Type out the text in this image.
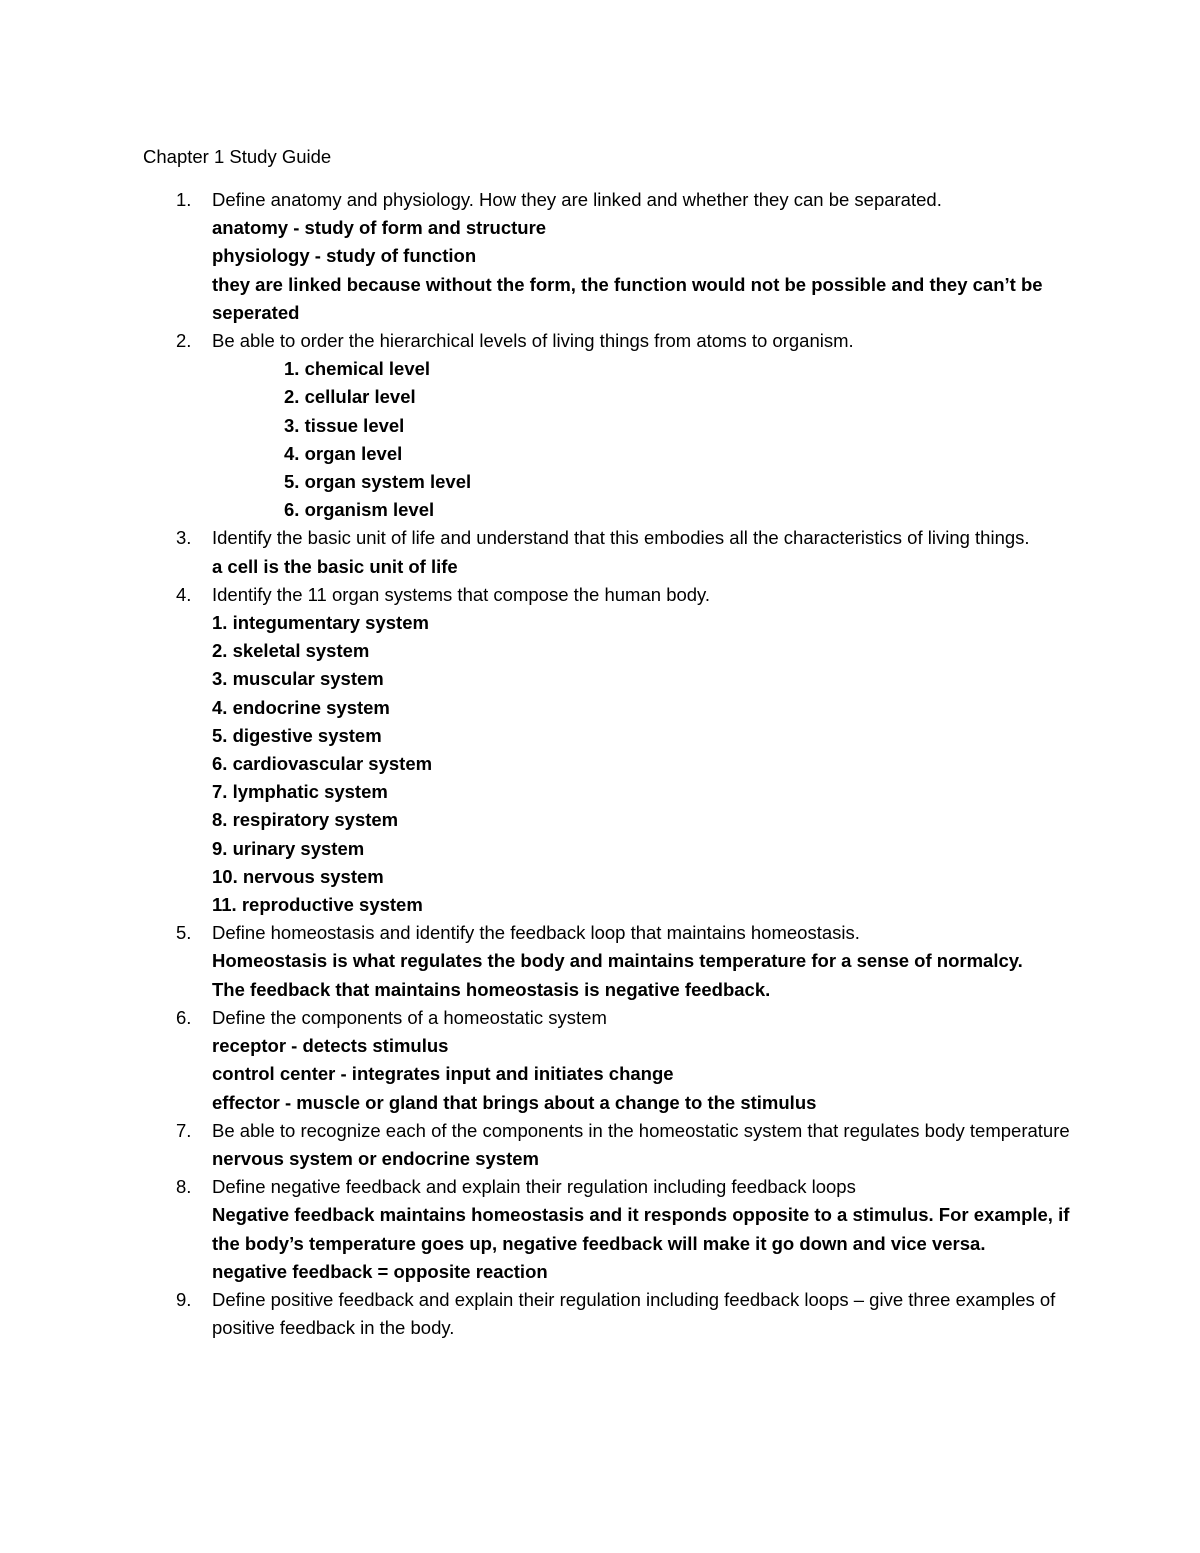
Chapter 1 Study Guide
1.	Define anatomy and physiology. How they are linked and whether they can be separated.
anatomy - study of form and structure
physiology - study of function
they are linked because without the form, the function would not be possible and they can’t be seperated
2.	Be able to order the hierarchical levels of living things from atoms to organism.
1. chemical level
2. cellular level
3. tissue level
4. organ level
5. organ system level
6. organism level
3.	Identify the basic unit of life and understand that this embodies all the characteristics of living things.
a cell is the basic unit of life
4.	Identify the 11 organ systems that compose the human body.
1. integumentary system
2. skeletal system
3. muscular system
4. endocrine system
5. digestive system
6. cardiovascular system
7. lymphatic system
8. respiratory system
9. urinary system
10. nervous system
11. reproductive system
5.	Define homeostasis and identify the feedback loop that maintains homeostasis.
Homeostasis is what regulates the body and maintains temperature for a sense of normalcy.
The feedback that maintains homeostasis is negative feedback.
6.	Define the components of a homeostatic system
receptor - detects stimulus
control center - integrates input and initiates change
effector - muscle or gland that brings about a change to the stimulus
7.	Be able to recognize each of the components in the homeostatic system that regulates body temperature
nervous system or endocrine system
8.	Define negative feedback and explain their regulation including feedback loops
Negative feedback maintains homeostasis and it responds opposite to a stimulus. For example, if the body’s temperature goes up, negative feedback will make it go down and vice versa.
negative feedback = opposite reaction
9.	Define positive feedback and explain their regulation including feedback loops – give three examples of positive feedback in the body.
